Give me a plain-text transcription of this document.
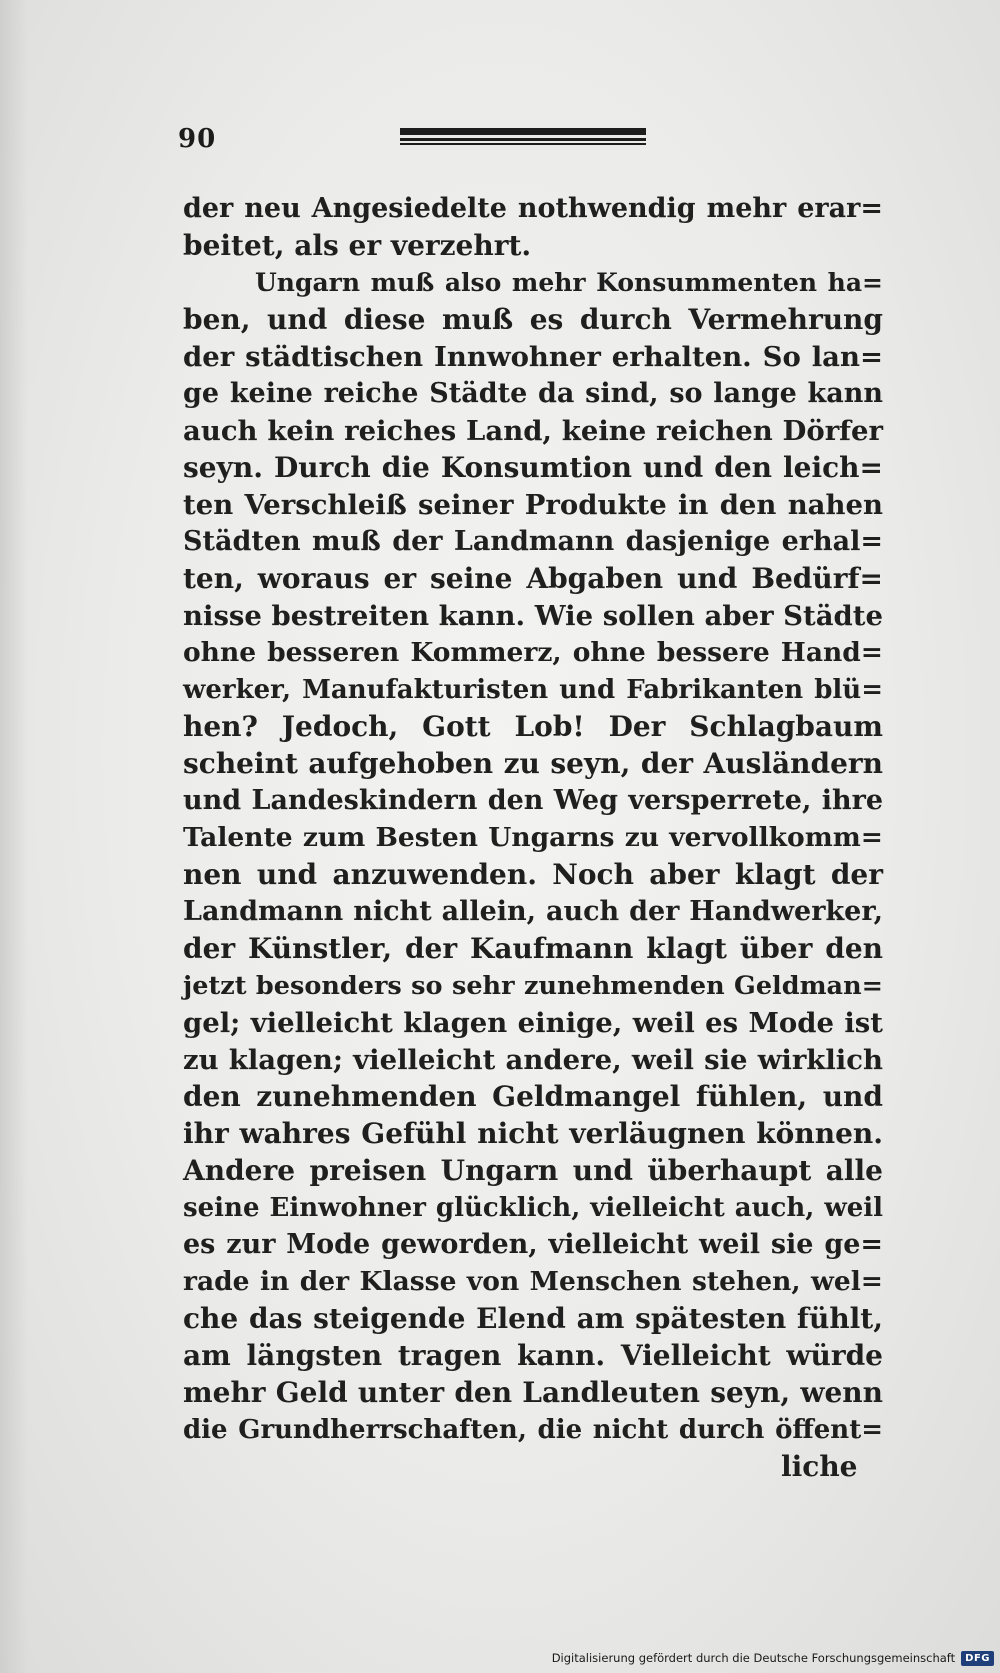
90
der neu Angesiedelte nothwendig mehr erar=
beitet, als er verzehrt.
Ungarn muß also mehr Konsummenten ha=
ben, und diese muß es durch Vermehrung
der städtischen Innwohner erhalten. So lan=
ge keine reiche Städte da sind, so lange kann
auch kein reiches Land, keine reichen Dörfer
seyn. Durch die Konsumtion und den leich=
ten Verschleiß seiner Produkte in den nahen
Städten muß der Landmann dasjenige erhal=
ten, woraus er seine Abgaben und Bedürf=
nisse bestreiten kann. Wie sollen aber Städte
ohne besseren Kommerz, ohne bessere Hand=
werker, Manufakturisten und Fabrikanten blü=
hen? Jedoch, Gott Lob! Der Schlagbaum
scheint aufgehoben zu seyn, der Ausländern
und Landeskindern den Weg versperrete, ihre
Talente zum Besten Ungarns zu vervollkomm=
nen und anzuwenden. Noch aber klagt der
Landmann nicht allein, auch der Handwerker,
der Künstler, der Kaufmann klagt über den
jetzt besonders so sehr zunehmenden Geldman=
gel; vielleicht klagen einige, weil es Mode ist
zu klagen; vielleicht andere, weil sie wirklich
den zunehmenden Geldmangel fühlen, und
ihr wahres Gefühl nicht verläugnen können.
Andere preisen Ungarn und überhaupt alle
seine Einwohner glücklich, vielleicht auch, weil
es zur Mode geworden, vielleicht weil sie ge=
rade in der Klasse von Menschen stehen, wel=
che das steigende Elend am spätesten fühlt,
am längsten tragen kann. Vielleicht würde
mehr Geld unter den Landleuten seyn, wenn
die Grundherrschaften, die nicht durch öffent=
liche
Digitalisierung gefördert durch die Deutsche Forschungsgemeinschaft	DFG
